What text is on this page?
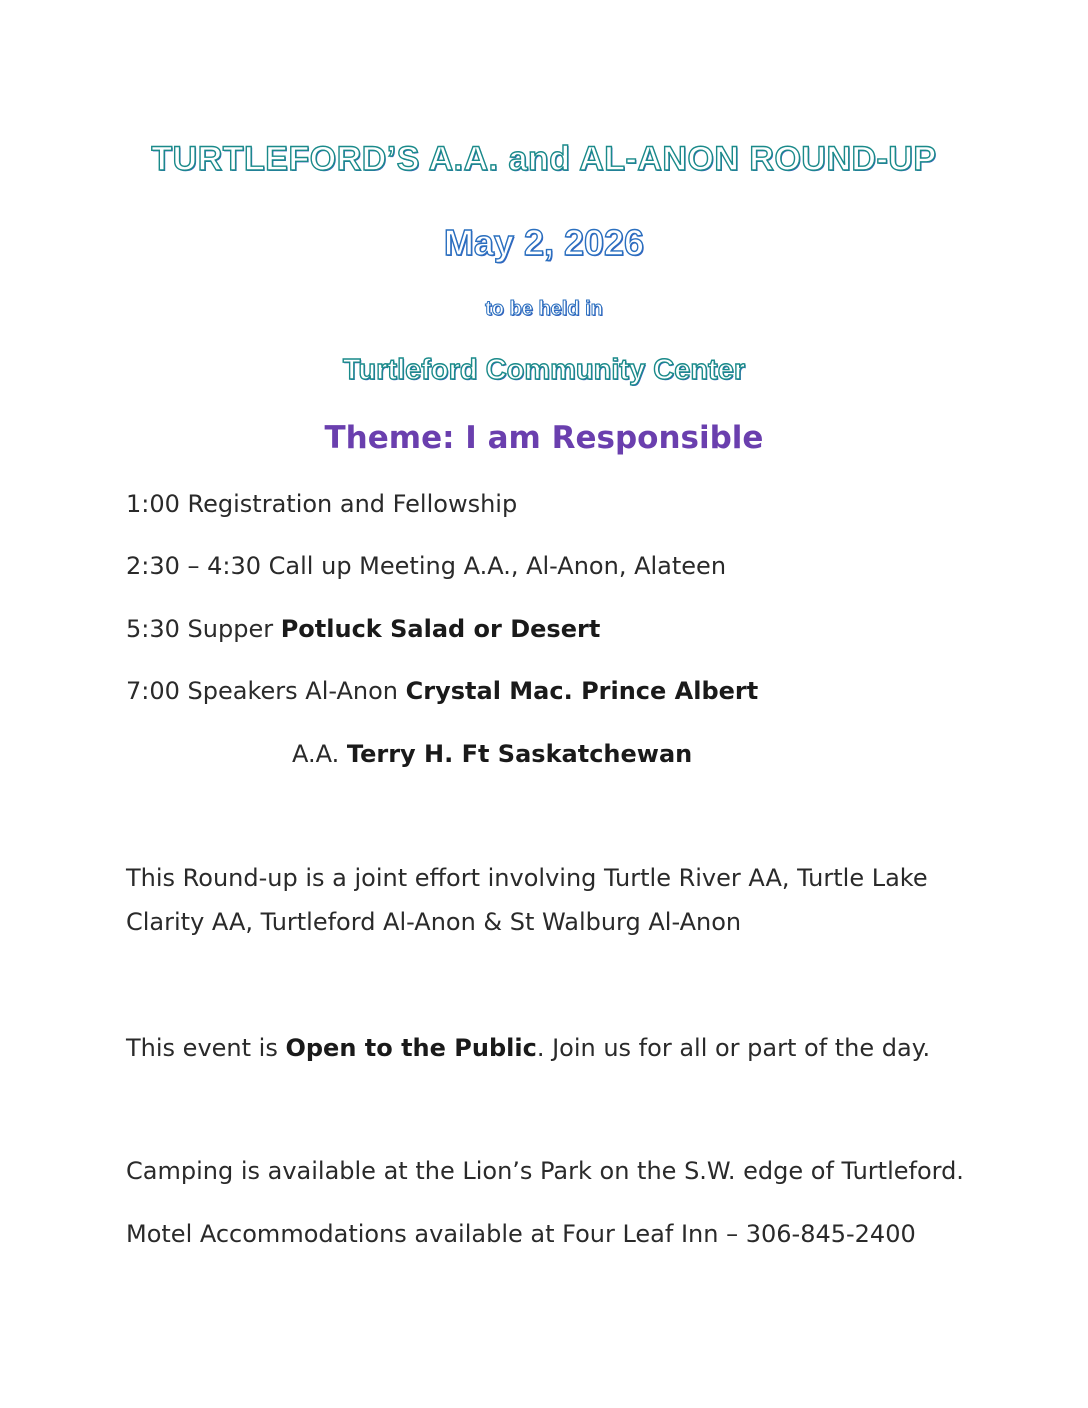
TURTLEFORD’S A.A. and AL-ANON ROUND-UP
May 2, 2026
to be held in
Turtleford Community Center
Theme: I am Responsible
1:00 Registration and Fellowship
2:30 – 4:30 Call up Meeting A.A., Al-Anon, Alateen
5:30 Supper Potluck Salad or Desert
7:00 Speakers Al-Anon Crystal Mac. Prince Albert
A.A. Terry H. Ft Saskatchewan
This Round-up is a joint effort involving Turtle River AA, Turtle Lake
Clarity AA, Turtleford Al-Anon & St Walburg Al-Anon
This event is Open to the Public. Join us for all or part of the day.
Camping is available at the Lion’s Park on the S.W. edge of Turtleford.
Motel Accommodations available at Four Leaf Inn – 306-845-2400
